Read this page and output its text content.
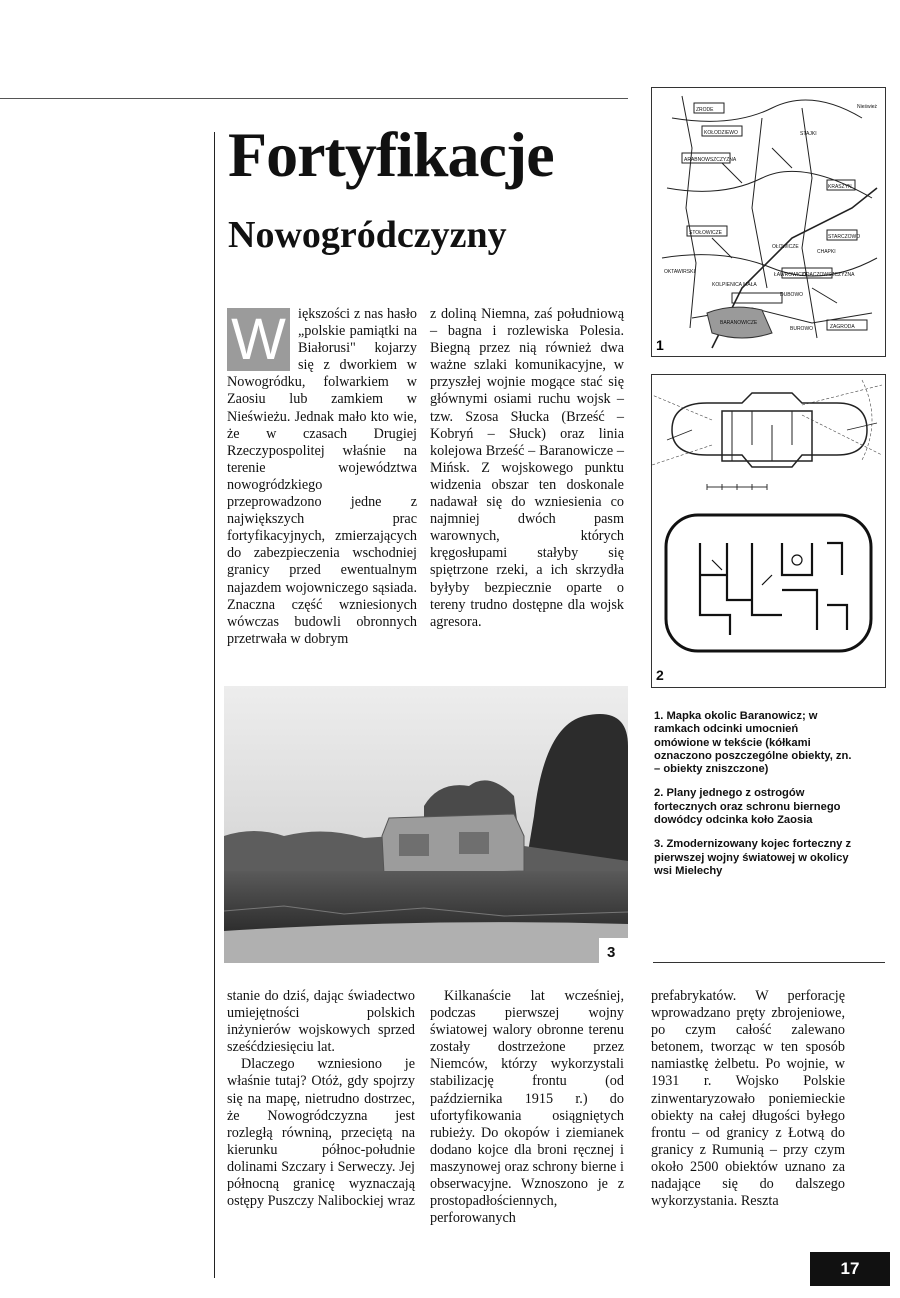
Fortyfikacje
Nowogródczyzny
W iększości z nas hasło „polskie pamiątki na Białorusi" kojarzy się z dworkiem w Nowogródku, folwarkiem w Zaosiu lub zamkiem w Nieświeżu. Jednak mało kto wie, że w czasach Drugiej Rzeczypospolitej właśnie na terenie województwa nowogródzkiego przeprowadzono jedne z największych prac fortyfikacyjnych, zmierzających do zabezpieczenia wschodniej granicy przed ewentualnym najazdem wojowniczego sąsiada. Znaczna część wzniesionych wówczas budowli obronnych przetrwała w dobrym

z doliną Niemna, zaś południową – bagna i rozlewiska Polesia. Biegną przez nią również dwa ważne szlaki komunikacyjne, w przyszłej wojnie mogące stać się głównymi osiami ruchu wojsk – tzw. Szosa Słucka (Brześć – Kobryń – Słuck) oraz linia kolejowa Brześć – Baranowicze – Mińsk. Z wojskowego punktu widzenia obszar ten doskonale nadawał się do wzniesienia co najmniej dwóch pasm warownych, których kręgosłupami stałyby się spiętrzone rzeki, a ich skrzydła byłyby bezpiecznie oparte o tereny trudno dostępne dla wojsk agresora.

ZRODE
KOŁODZIEWO	STAJKI
ARABNOWSZCZYZNA
KRASZYN
STOŁOWICZE
STARCZOWO
CHAPKI
OŁOWICZE
OKTAWIRSKI
KOLPIENICA MAŁA
ŁAWROWICZE
ODACZOWSZCZYZNA
ZAGRODA
DUBOWO
BARANOWICZE
BUROWO
Nieśwież
1
2
3

1. Mapka okolic Baranowicz; w ramkach odcinki umocnień omówione w tekście (kółkami oznaczono poszczególne obiekty, zn. – obiekty zniszczone)

2. Plany jednego z ostrogów fortecznych oraz schronu biernego dowódcy odcinka koło Zaosia

3. Zmodernizowany kojec forteczny z pierwszej wojny światowej w okolicy wsi Mielechy

stanie do dziś, dając świadectwo umiejętności polskich inżynierów wojskowych sprzed sześćdziesięciu lat.

Dlaczego wzniesiono je właśnie tutaj? Otóż, gdy spojrzy się na mapę, nietrudno dostrzec, że Nowogródczyzna jest rozległą równiną, przeciętą na kierunku północ-południe dolinami Szczary i Serweczy. Jej północną granicę wyznaczają ostępy Puszczy Nalibockiej wraz

Kilkanaście lat wcześniej, podczas pierwszej wojny światowej walory obronne terenu zostały dostrzeżone przez Niemców, którzy wykorzystali stabilizację frontu (od października 1915 r.) do ufortyfikowania osiągniętych rubieży. Do okopów i ziemianek dodano kojce dla broni ręcznej i maszynowej oraz schrony bierne i obserwacyjne. Wznoszono je z prostopadłościennych, perforowanych

prefabrykatów. W perforację wprowadzano pręty zbrojeniowe, po czym całość zalewano betonem, tworząc w ten sposób namiastkę żelbetu. Po wojnie, w 1931 r. Wojsko Polskie zinwentaryzowało poniemieckie obiekty na całej długości byłego frontu – od granicy z Łotwą do granicy z Rumunią – przy czym około 2500 obiektów uznano za nadające się do dalszego wykorzystania. Reszta

17
